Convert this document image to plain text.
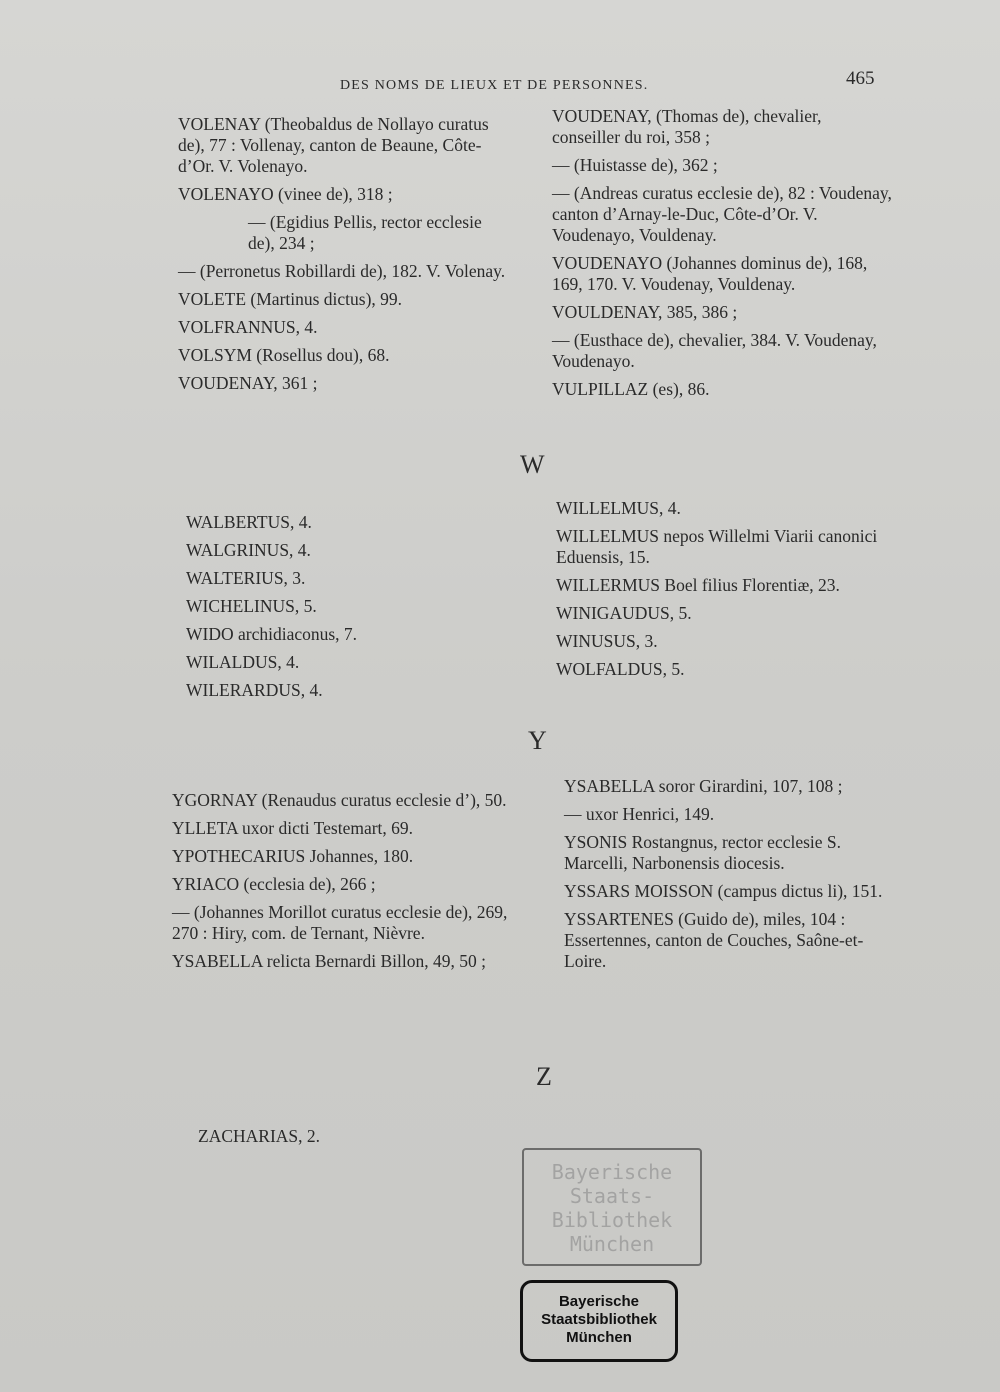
DES NOMS DE LIEUX ET DE PERSONNES.	465

VOLENAY (Theobaldus de Nollayo curatus de), 77 : Vollenay, canton de Beaune, Côte-d’Or. V. Volenayo.

VOLENAYO (vinee de), 318 ;

— (Egidius Pellis, rector ecclesie de), 234 ;

— (Perronetus Robillardi de), 182. V. Volenay.

VOLETE (Martinus dictus), 99.

VOLFRANNUS, 4.

VOLSYM (Rosellus dou), 68.

VOUDENAY, 361 ;

VOUDENAY, (Thomas de), chevalier, conseiller du roi, 358 ;

— (Huistasse de), 362 ;

— (Andreas curatus ecclesie de), 82 : Voudenay, canton d’Arnay-le-Duc, Côte-d’Or. V. Voudenayo, Vouldenay.

VOUDENAYO (Johannes dominus de), 168, 169, 170. V. Voudenay, Vouldenay.

VOULDENAY, 385, 386 ;

— (Eusthace de), chevalier, 384. V. Voudenay, Voudenayo.

VULPILLAZ (es), 86.

W

WALBERTUS, 4.

WALGRINUS, 4.

WALTERIUS, 3.

WICHELINUS, 5.

WIDO archidiaconus, 7.

WILALDUS, 4.

WILERARDUS, 4.

WILLELMUS, 4.

WILLELMUS nepos Willelmi Viarii canonici Eduensis, 15.

WILLERMUS Boel filius Florentiæ, 23.

WINIGAUDUS, 5.

WINUSUS, 3.

WOLFALDUS, 5.

Y

YGORNAY (Renaudus curatus ecclesie d’), 50.

YLLETA uxor dicti Testemart, 69.

YPOTHECARIUS Johannes, 180.

YRIACO (ecclesia de), 266 ;

— (Johannes Morillot curatus ecclesie de), 269, 270 : Hiry, com. de Ternant, Nièvre.

YSABELLA relicta Bernardi Billon, 49, 50 ;

YSABELLA soror Girardini, 107, 108 ;

— uxor Henrici, 149.

YSONIS Rostangnus, rector ecclesie S. Marcelli, Narbonensis diocesis.

YSSARS MOISSON (campus dictus li), 151.

YSSARTENES (Guido de), miles, 104 : Essertennes, canton de Couches, Saône-et-Loire.

Z

ZACHARIAS, 2.

Bayerische
Staats-
Bibliothek
München
Bayerische
Staatsbibliothek
München
